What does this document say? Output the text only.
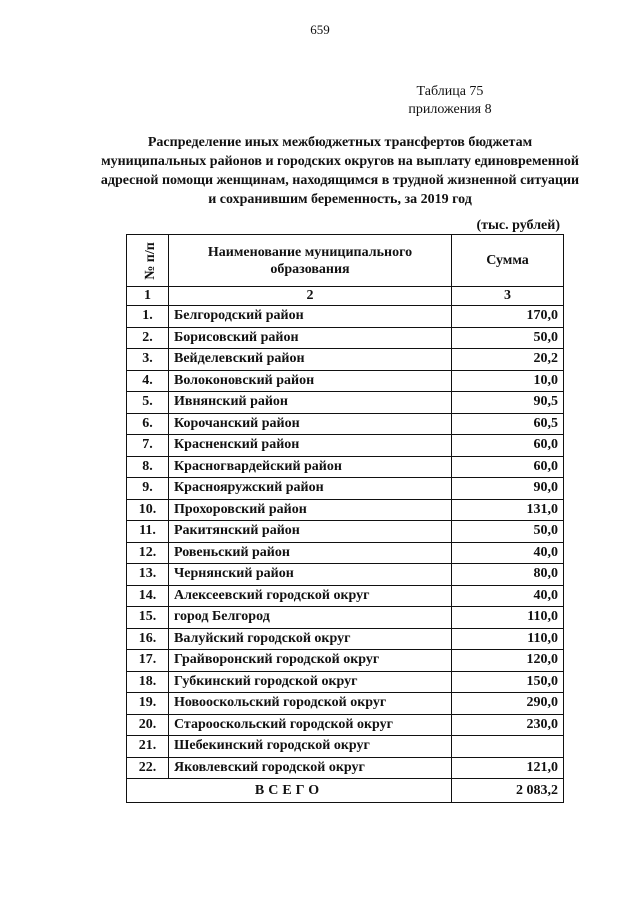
659
Таблица 75
приложения 8
Распределение иных межбюджетных трансфертов бюджетам муниципальных районов и городских округов на выплату единовременной адресной помощи женщинам, находящимся в трудной жизненной ситуации и сохранившим беременность, за 2019 год
(тыс. рублей)
№ п/п	Наименование муниципального образования	Сумма
1	2	3
1.	Белгородский район	170,0
2.	Борисовский район	50,0
3.	Вейделевский район	20,2
4.	Волоконовский район	10,0
5.	Ивнянский район	90,5
6.	Корочанский район	60,5
7.	Красненский район	60,0
8.	Красногвардейский район	60,0
9.	Краснояружский район	90,0
10.	Прохоровский район	131,0
11.	Ракитянский район	50,0
12.	Ровеньский район	40,0
13.	Чернянский район	80,0
14.	Алексеевский городской округ	40,0
15.	город Белгород	110,0
16.	Валуйский городской округ	110,0
17.	Грайворонский городской округ	120,0
18.	Губкинский городской округ	150,0
19.	Новооскольский городской округ	290,0
20.	Старооскольский городской округ	230,0
21.	Шебекинский городской округ	
22.	Яковлевский городской округ	121,0
ВСЕГО		2 083,2
